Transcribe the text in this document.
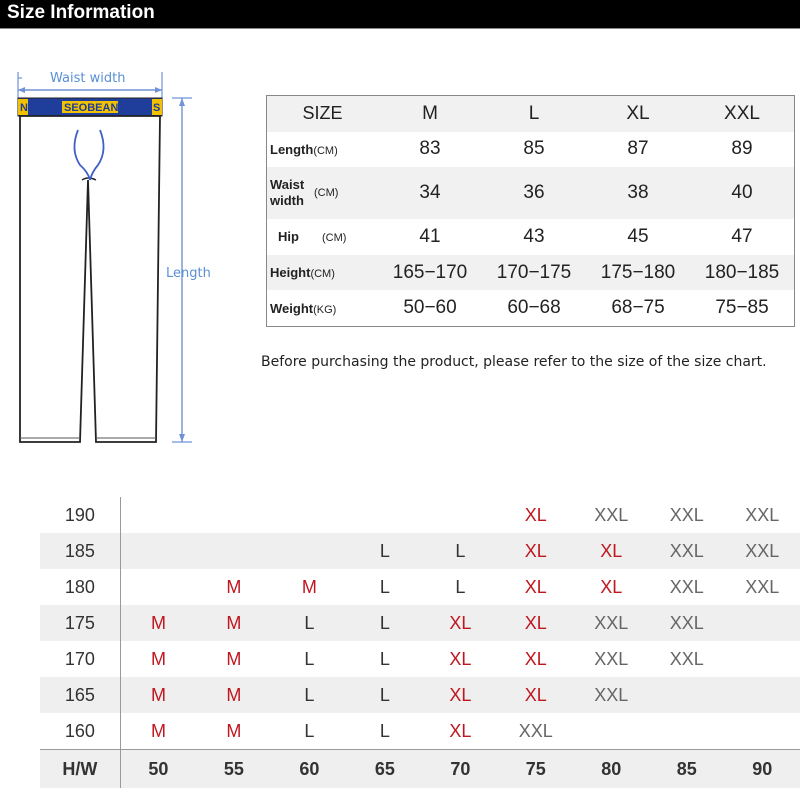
Size Information
SEOBEAN
N	S
Waist width
Length
SIZE	M	L	XL	XXL
Length(CM)	83	85	87	89
Waist width (CM)	34	36	38	40
Hip (CM)	41	43	45	47
Height(CM)	165−170	170−175	175−180	180−185
Weight(KG)	50−60	60−68	68−75	75−85
Before purchasing the product, please refer to the size of the size chart.
190						XL	XXL	XXL	XXL
185				L	L	XL	XL	XXL	XXL
180		M	M	L	L	XL	XL	XXL	XXL
175	M	M	L	L	XL	XL	XXL	XXL	
170	M	M	L	L	XL	XL	XXL	XXL	
165	M	M	L	L	XL	XL	XXL		
160	M	M	L	L	XL	XXL			
H/W	50	55	60	65	70	75	80	85	90
